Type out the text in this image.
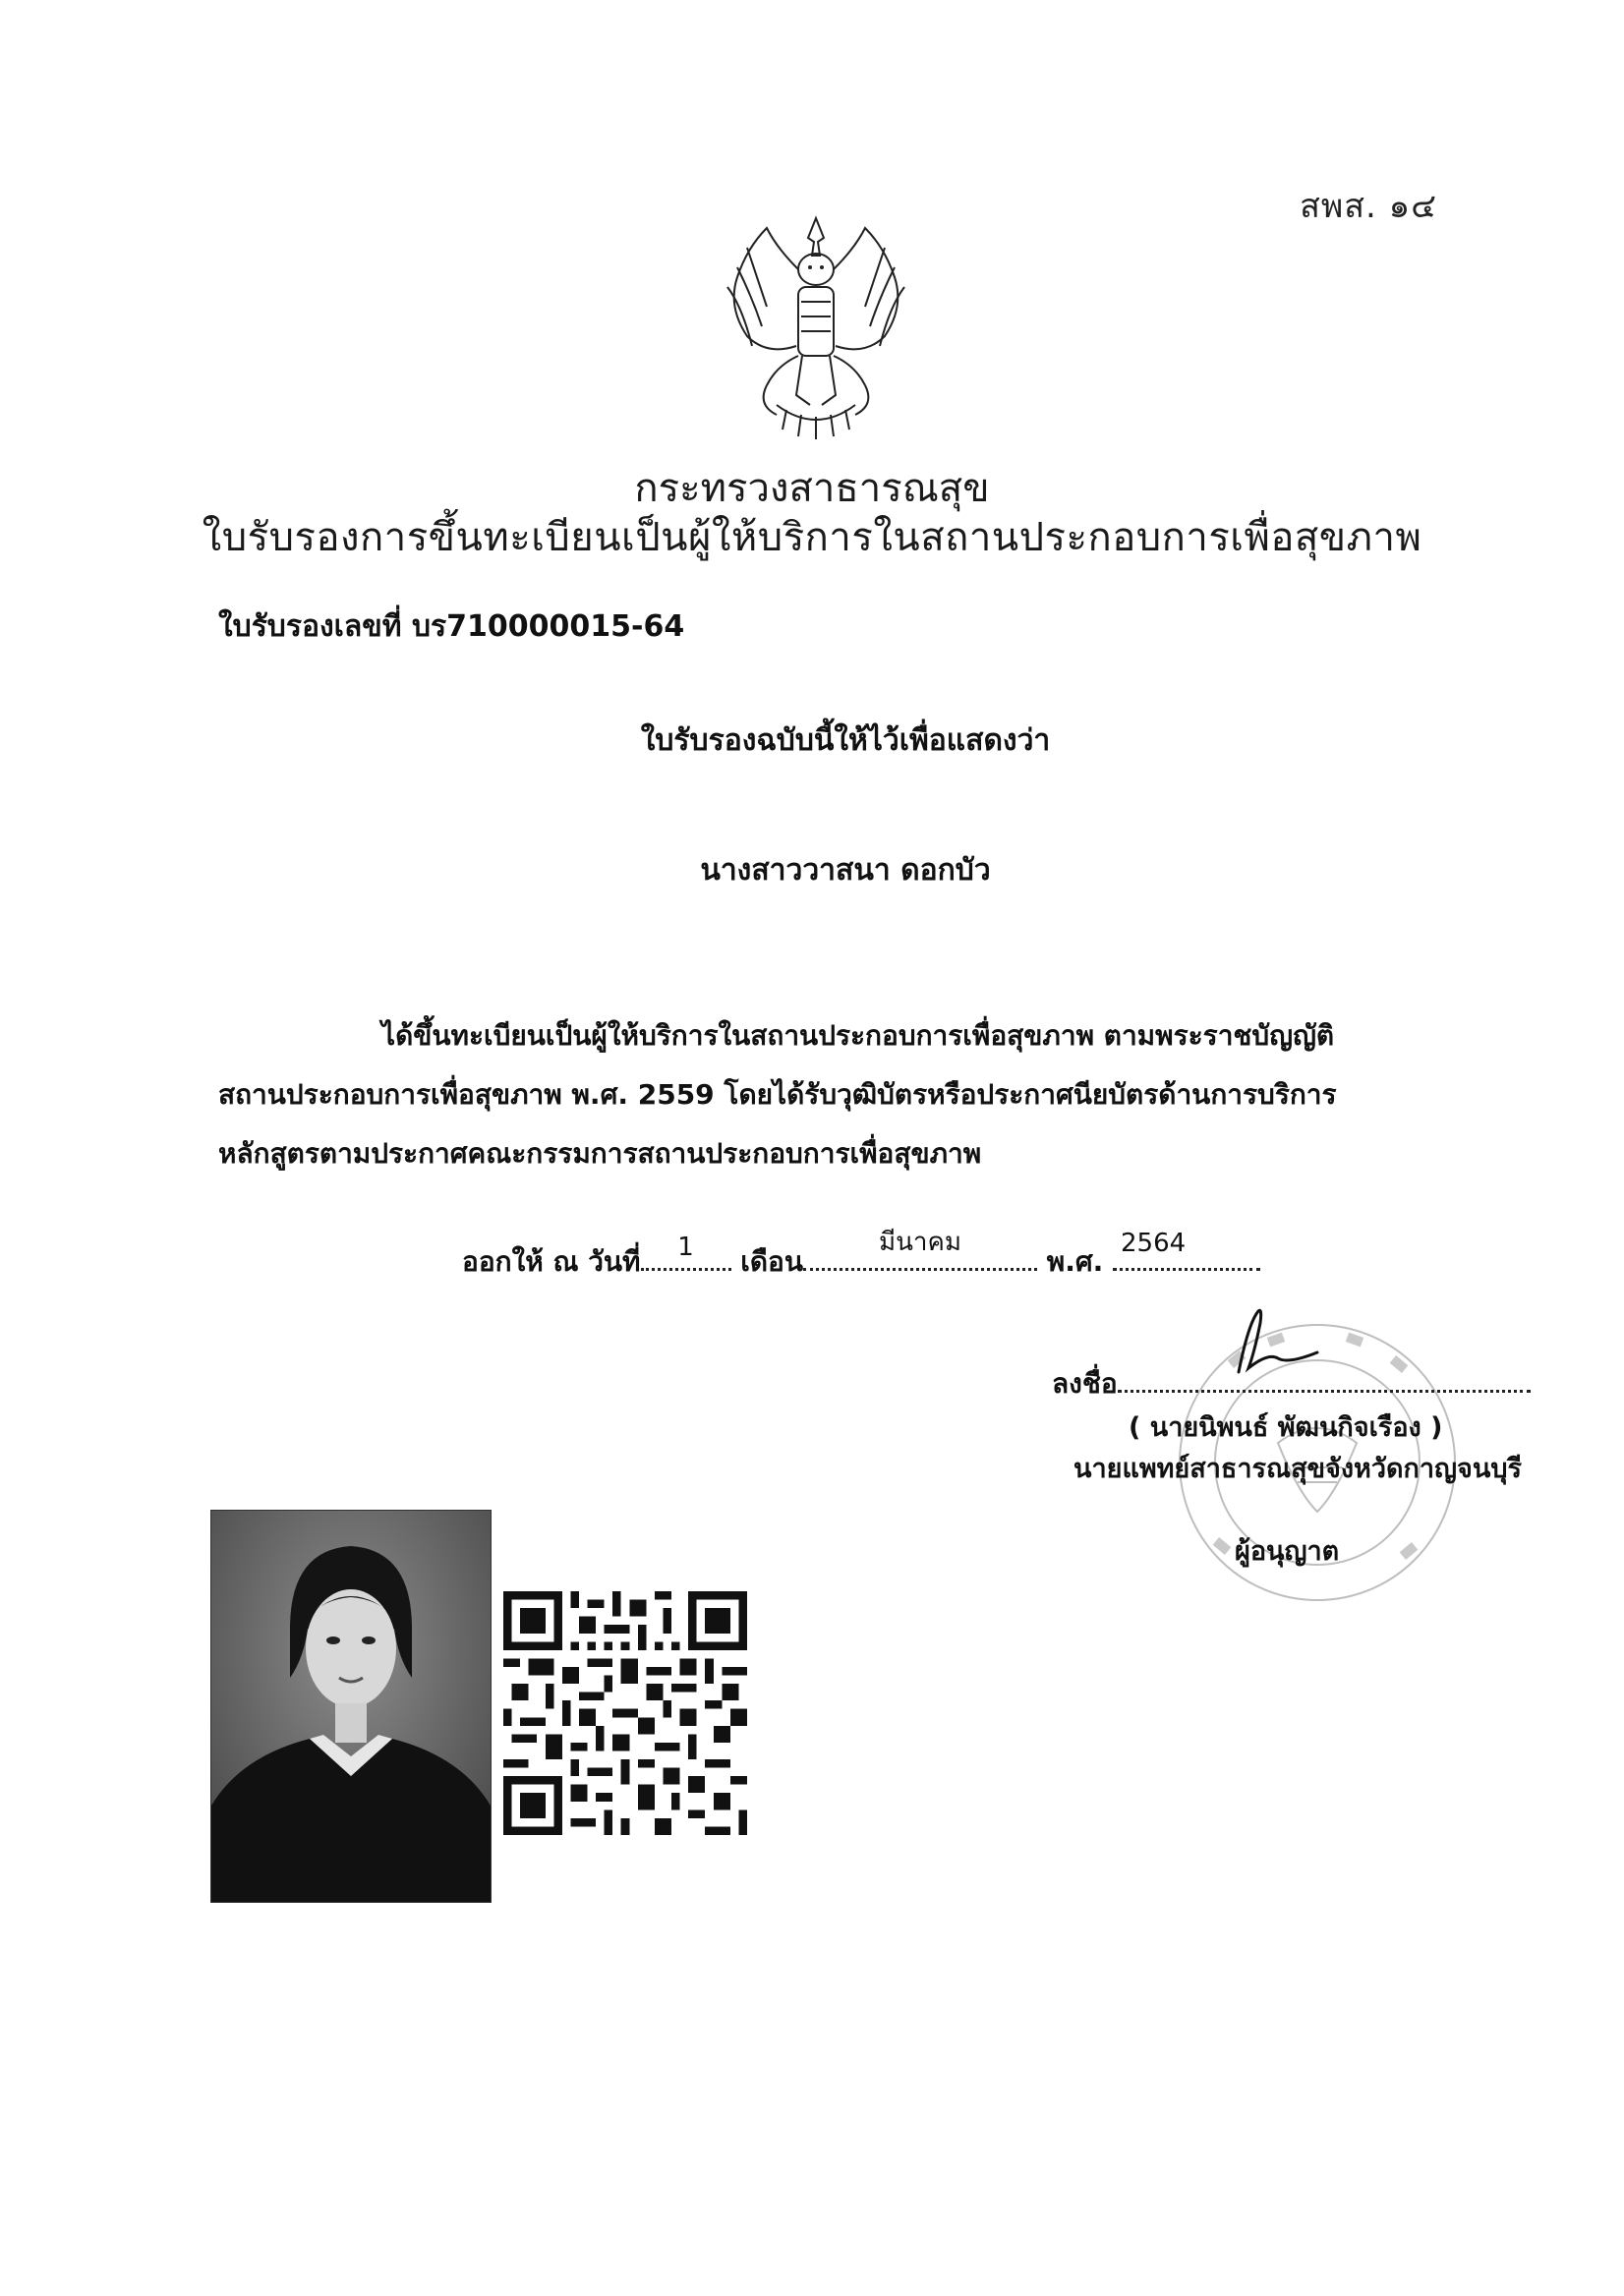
สพส. ๑๔
กระทรวงสาธารณสุข
ใบรับรองการขึ้นทะเบียนเป็นผู้ให้บริการในสถานประกอบการเพื่อสุขภาพ
ใบรับรองเลขที่ บร710000015-64
ใบรับรองฉบับนี้ให้ไว้เพื่อแสดงว่า
นางสาววาสนา ดอกบัว
ได้ขึ้นทะเบียนเป็นผู้ให้บริการในสถานประกอบการเพื่อสุขภาพ ตามพระราชบัญญัติ
สถานประกอบการเพื่อสุขภาพ พ.ศ. 2559 โดยได้รับวุฒิบัตรหรือประกาศนียบัตรด้านการบริการ
หลักสูตรตามประกาศคณะกรรมการสถานประกอบการเพื่อสุขภาพ
ออกให้ ณ วันที่	1	เดือน
มีนาคม
พ.ศ.
2564
ลงชื่อ
( นายนิพนธ์ พัฒนกิจเรือง )
นายแพทย์สาธารณสุขจังหวัดกาญจนบุรี
ผู้อนุญาต
